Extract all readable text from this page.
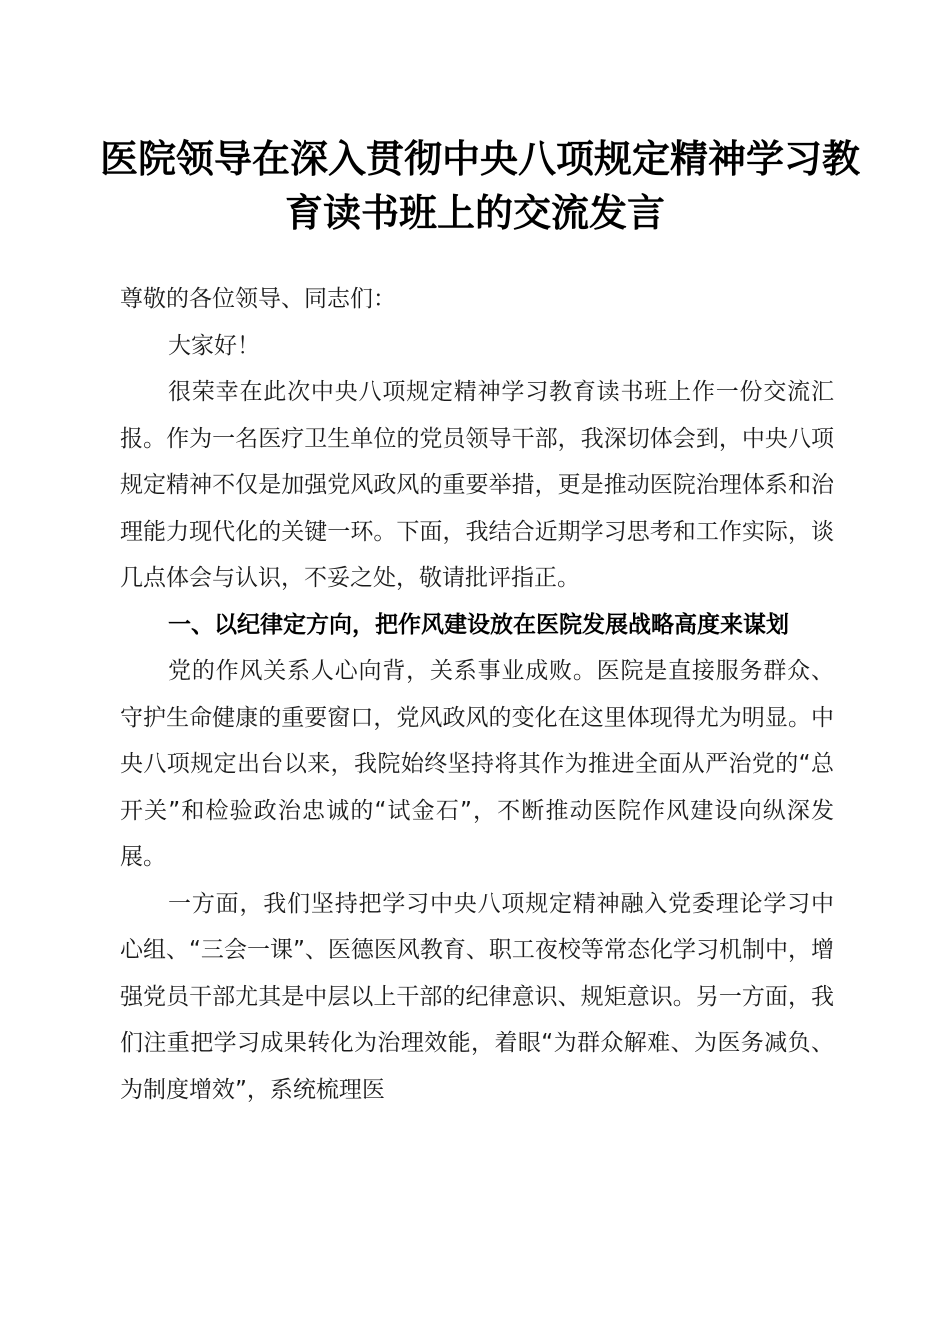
医院领导在深入贯彻中央八项规定精神学习教
育读书班上的交流发言

尊敬的各位领导、同志们：

大家好！

很荣幸在此次中央八项规定精神学习教育读书班上作一份交流汇报。作为一名医疗卫生单位的党员领导干部，我深切体会到，中央八项规定精神不仅是加强党风政风的重要举措，更是推动医院治理体系和治理能力现代化的关键一环。下面，我结合近期学习思考和工作实际，谈几点体会与认识，不妥之处，敬请批评指正。

一、以纪律定方向，把作风建设放在医院发展战略高度来谋划

党的作风关系人心向背，关系事业成败。医院是直接服务群众、守护生命健康的重要窗口，党风政风的变化在这里体现得尤为明显。中央八项规定出台以来，我院始终坚持将其作为推进全面从严治党的“总开关”和检验政治忠诚的“试金石”，不断推动医院作风建设向纵深发展。

一方面，我们坚持把学习中央八项规定精神融入党委理论学习中心组、“三会一课”、医德医风教育、职工夜校等常态化学习机制中，增强党员干部尤其是中层以上干部的纪律意识、规矩意识。另一方面，我们注重把学习成果转化为治理效能，着眼“为群众解难、为医务减负、为制度增效”，系统梳理医
